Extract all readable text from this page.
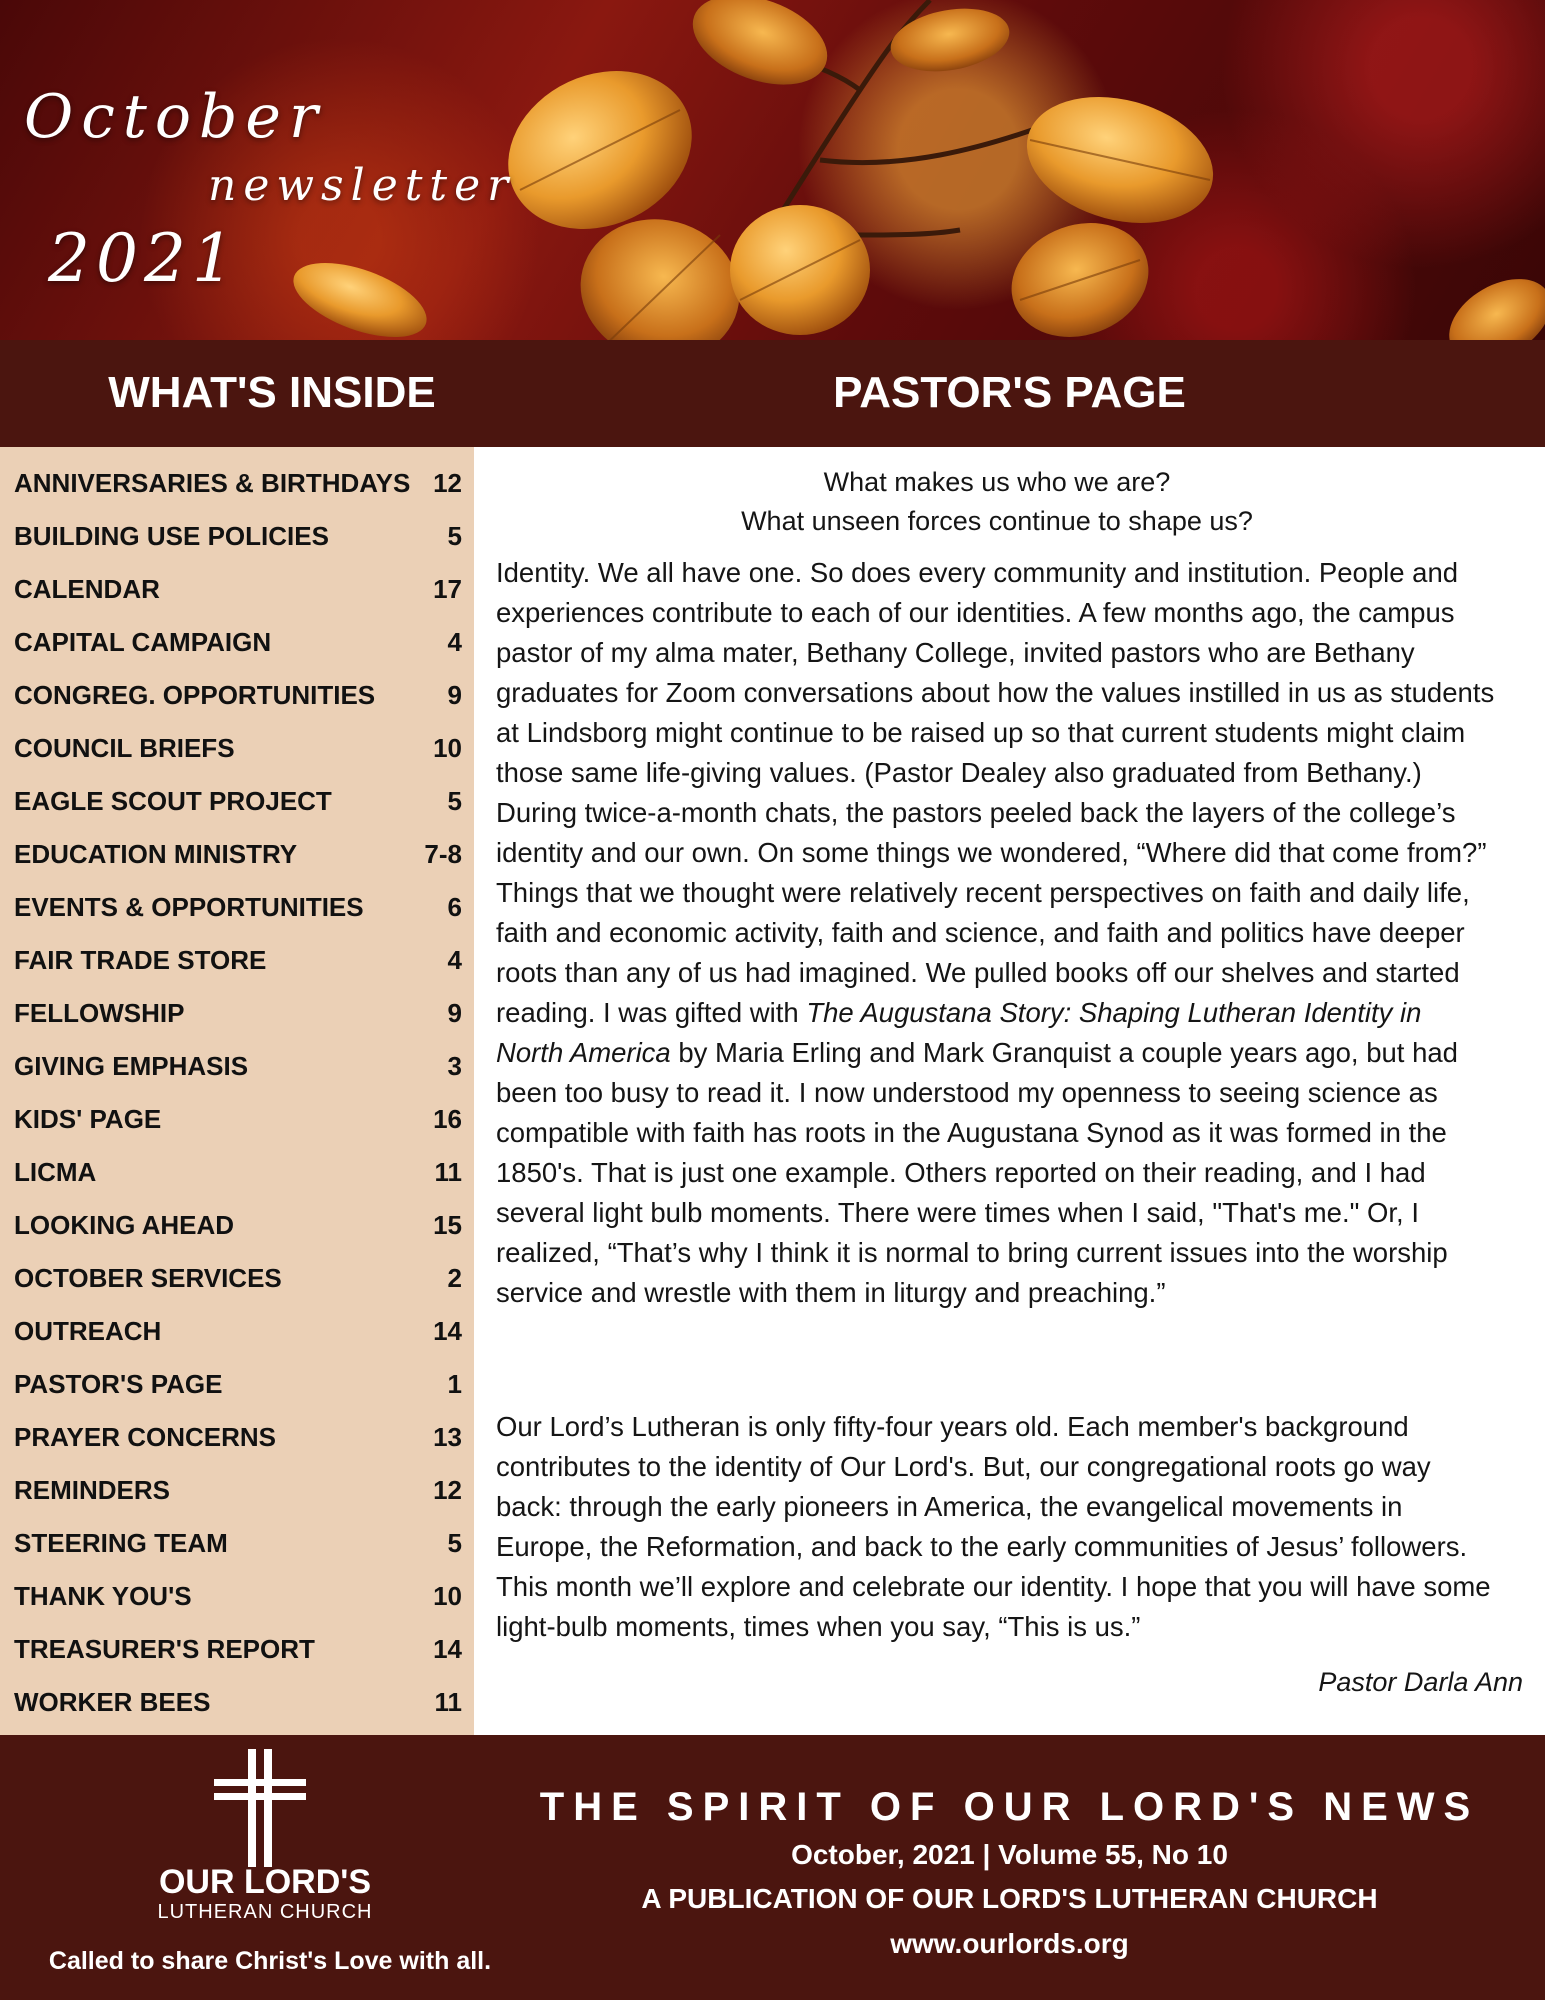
October
newsletter
2021
WHAT'S INSIDE	PASTOR'S PAGE
ANNIVERSARIES & BIRTHDAYS 12
BUILDING USE POLICIES	5
CALENDAR	17
CAPITAL CAMPAIGN	4
CONGREG. OPPORTUNITIES	9
COUNCIL BRIEFS	10
EAGLE SCOUT PROJECT	5
EDUCATION MINISTRY	7-8
EVENTS & OPPORTUNITIES	6
FAIR TRADE STORE	4
FELLOWSHIP	9
GIVING EMPHASIS	3
KIDS' PAGE	16
LICMA	11
LOOKING AHEAD	15
OCTOBER SERVICES	2
OUTREACH	14
PASTOR'S PAGE	1
PRAYER CONCERNS	13
REMINDERS	12
STEERING TEAM	5
THANK YOU'S	10
TREASURER'S REPORT	14
WORKER BEES	11
What makes us who we are?
What unseen forces continue to shape us?

Identity. We all have one. So does every community and institution. People and experiences contribute to each of our identities. A few months ago, the campus pastor of my alma mater, Bethany College, invited pastors who are Bethany graduates for Zoom conversations about how the values instilled in us as students at Lindsborg might continue to be raised up so that current students might claim those same life-giving values. (Pastor Dealey also graduated from Bethany.) During twice-a-month chats, the pastors peeled back the layers of the college’s identity and our own. On some things we wondered, “Where did that come from?” Things that we thought were relatively recent perspectives on faith and daily life, faith and economic activity, faith and science, and faith and politics have deeper roots than any of us had imagined. We pulled books off our shelves and started reading. I was gifted with The Augustana Story: Shaping Lutheran Identity in North America by Maria Erling and Mark Granquist a couple years ago, but had been too busy to read it. I now understood my openness to seeing science as compatible with faith has roots in the Augustana Synod as it was formed in the 1850's. That is just one example. Others reported on their reading, and I had several light bulb moments. There were times when I said, "That's me." Or, I realized, “That’s why I think it is normal to bring current issues into the worship service and wrestle with them in liturgy and preaching.”

Our Lord’s Lutheran is only fifty-four years old. Each member's background contributes to the identity of Our Lord's. But, our congregational roots go way back: through the early pioneers in America, the evangelical movements in Europe, the Reformation, and back to the early communities of Jesus’ followers. This month we’ll explore and celebrate our identity. I hope that you will have some light-bulb moments, times when you say, “This is us.”

Pastor Darla Ann
OUR LORD'S
LUTHERAN CHURCH
Called to share Christ's Love with all.
THE SPIRIT OF OUR LORD'S NEWS
October, 2021 | Volume 55, No 10
A PUBLICATION OF OUR LORD'S LUTHERAN CHURCH
www.ourlords.org
